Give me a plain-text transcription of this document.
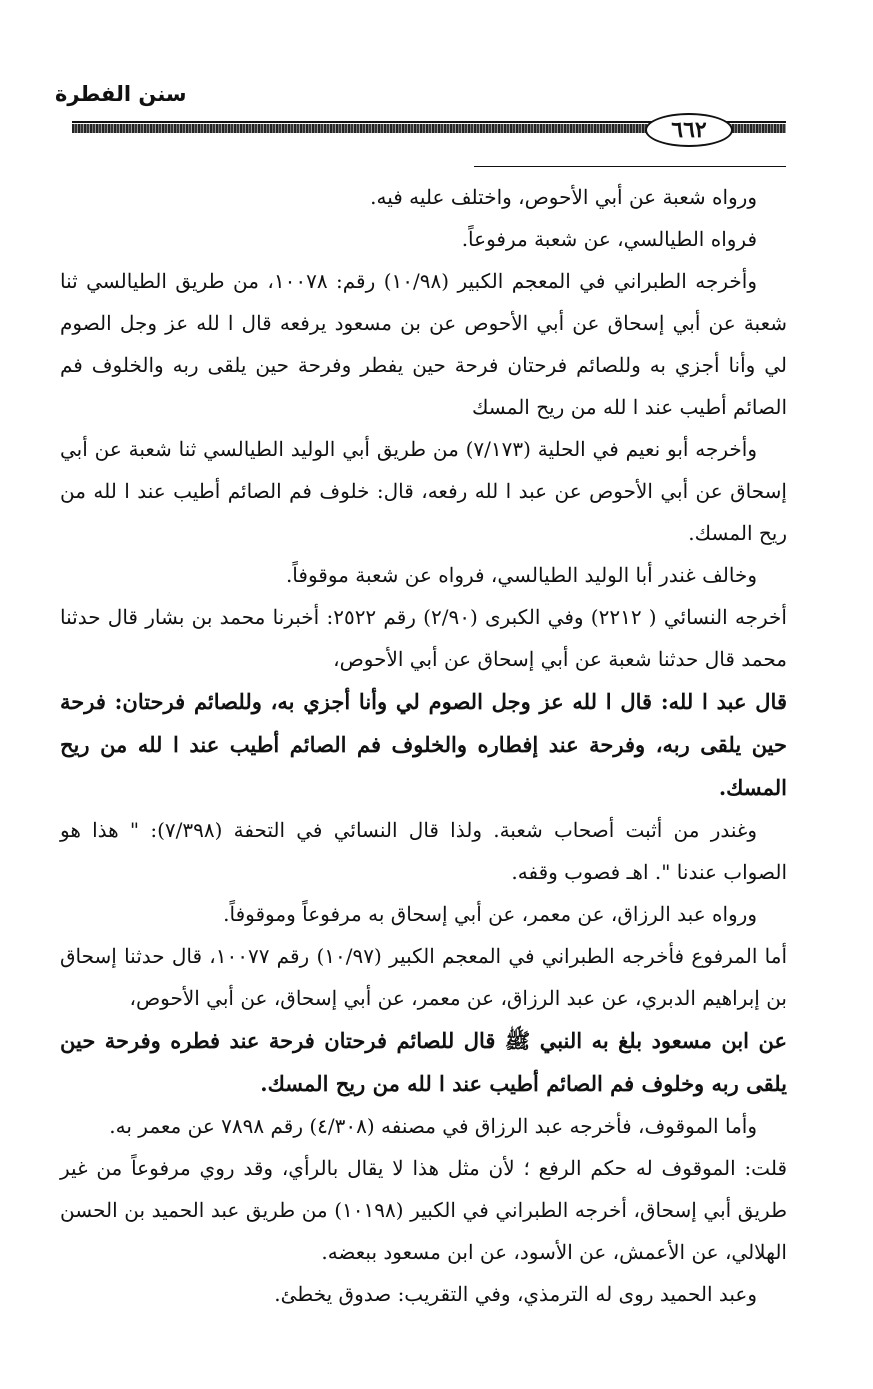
سنن الفطرة
٦٦٢

ورواه شعبة عن أبي الأحوص، واختلف عليه فيه.

فرواه الطيالسي، عن شعبة مرفوعاً.

وأخرجه الطبراني في المعجم الكبير (١٠/٩٨) رقم: ١٠٠٧٨، من طريق الطيالسي ثنا شعبة عن أبي إسحاق عن أبي الأحوص عن بن مسعود يرفعه قال ا لله عز وجل الصوم لي وأنا أجزي به وللصائم فرحتان فرحة حين يفطر وفرحة حين يلقى ربه والخلوف فم الصائم أطيب عند ا لله من ريح المسك

وأخرجه أبو نعيم في الحلية (٧/١٧٣) من طريق أبي الوليد الطيالسي ثنا شعبة عن أبي إسحاق عن أبي الأحوص عن عبد ا لله رفعه، قال: خلوف فم الصائم أطيب عند ا لله من ريح المسك.

وخالف غندر أبا الوليد الطيالسي، فرواه عن شعبة موقوفاً.

أخرجه النسائي ( ٢٢١٢) وفي الكبرى (٢/٩٠) رقم ٢٥٢٢: أخبرنا محمد بن بشار قال حدثنا محمد قال حدثنا شعبة عن أبي إسحاق عن أبي الأحوص،

قال عبد ا لله: قال ا لله عز وجل الصوم لي وأنا أجزي به، وللصائم فرحتان: فرحة حين يلقى ربه، وفرحة عند إفطاره والخلوف فم الصائم أطيب عند ا لله من ريح المسك.

وغندر من أثبت أصحاب شعبة. ولذا قال النسائي في التحفة (٧/٣٩٨): " هذا هو الصواب عندنا ". اهـ فصوب وقفه.

ورواه عبد الرزاق، عن معمر، عن أبي إسحاق به مرفوعاً وموقوفاً.

أما المرفوع فأخرجه الطبراني في المعجم الكبير (١٠/٩٧) رقم ١٠٠٧٧، قال حدثنا إسحاق بن إبراهيم الدبري، عن عبد الرزاق، عن معمر، عن أبي إسحاق، عن أبي الأحوص،

عن ابن مسعود بلغ به النبي ﷺ قال للصائم فرحتان فرحة عند فطره وفرحة حين يلقى ربه وخلوف فم الصائم أطيب عند ا لله من ريح المسك.

وأما الموقوف، فأخرجه عبد الرزاق في مصنفه (٤/٣٠٨) رقم ٧٨٩٨ عن معمر به.

قلت: الموقوف له حكم الرفع ؛ لأن مثل هذا لا يقال بالرأي، وقد روي مرفوعاً من غير طريق أبي إسحاق، أخرجه الطبراني في الكبير (١٠١٩٨) من طريق عبد الحميد بن الحسن الهلالي، عن الأعمش، عن الأسود، عن ابن مسعود ببعضه.

وعبد الحميد روى له الترمذي، وفي التقريب: صدوق يخطئ.
